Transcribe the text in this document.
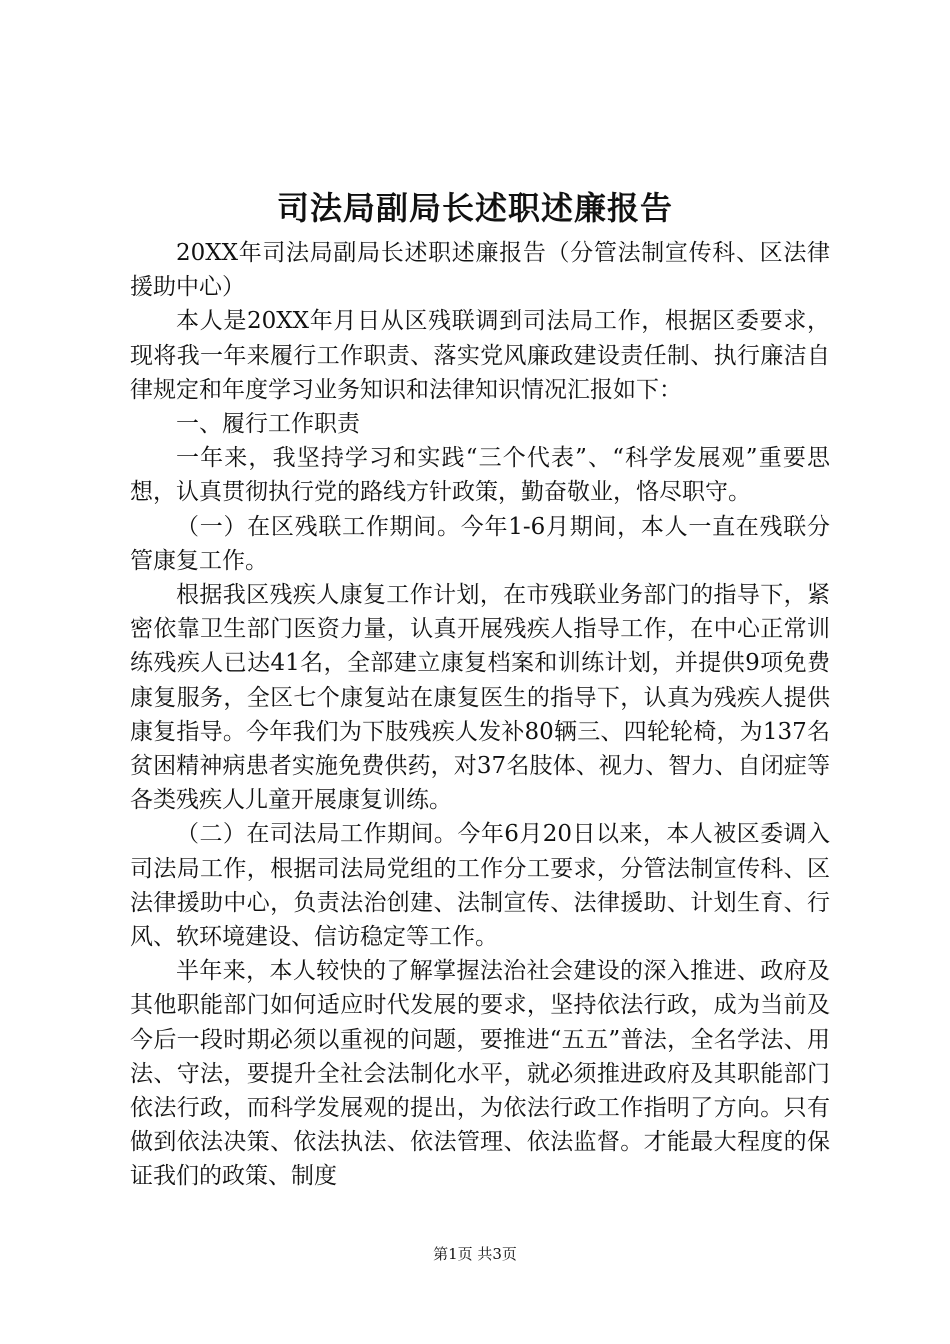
司法局副局长述职述廉报告

20XX年司法局副局长述职述廉报告（分管法制宣传科、区法律援助中心）

本人是20XX年月日从区残联调到司法局工作，根据区委要求，现将我一年来履行工作职责、落实党风廉政建设责任制、执行廉洁自律规定和年度学习业务知识和法律知识情况汇报如下：

一、履行工作职责

一年来，我坚持学习和实践“三个代表”、“科学发展观”重要思想，认真贯彻执行党的路线方针政策，勤奋敬业，恪尽职守。

（一）在区残联工作期间。今年1-6月期间，本人一直在残联分管康复工作。

根据我区残疾人康复工作计划，在市残联业务部门的指导下，紧密依靠卫生部门医资力量，认真开展残疾人指导工作，在中心正常训练残疾人已达41名，全部建立康复档案和训练计划，并提供9项免费康复服务，全区七个康复站在康复医生的指导下，认真为残疾人提供康复指导。今年我们为下肢残疾人发补80辆三、四轮轮椅，为137名贫困精神病患者实施免费供药，对37名肢体、视力、智力、自闭症等各类残疾人儿童开展康复训练。

（二）在司法局工作期间。今年6月20日以来，本人被区委调入司法局工作，根据司法局党组的工作分工要求，分管法制宣传科、区法律援助中心，负责法治创建、法制宣传、法律援助、计划生育、行风、软环境建设、信访稳定等工作。

半年来，本人较快的了解掌握法治社会建设的深入推进、政府及其他职能部门如何适应时代发展的要求，坚持依法行政，成为当前及今后一段时期必须以重视的问题，要推进“五五”普法，全名学法、用法、守法，要提升全社会法制化水平，就必须推进政府及其职能部门依法行政，而科学发展观的提出，为依法行政工作指明了方向。只有做到依法决策、依法执法、依法管理、依法监督。才能最大程度的保证我们的政策、制度

第1页 共3页
